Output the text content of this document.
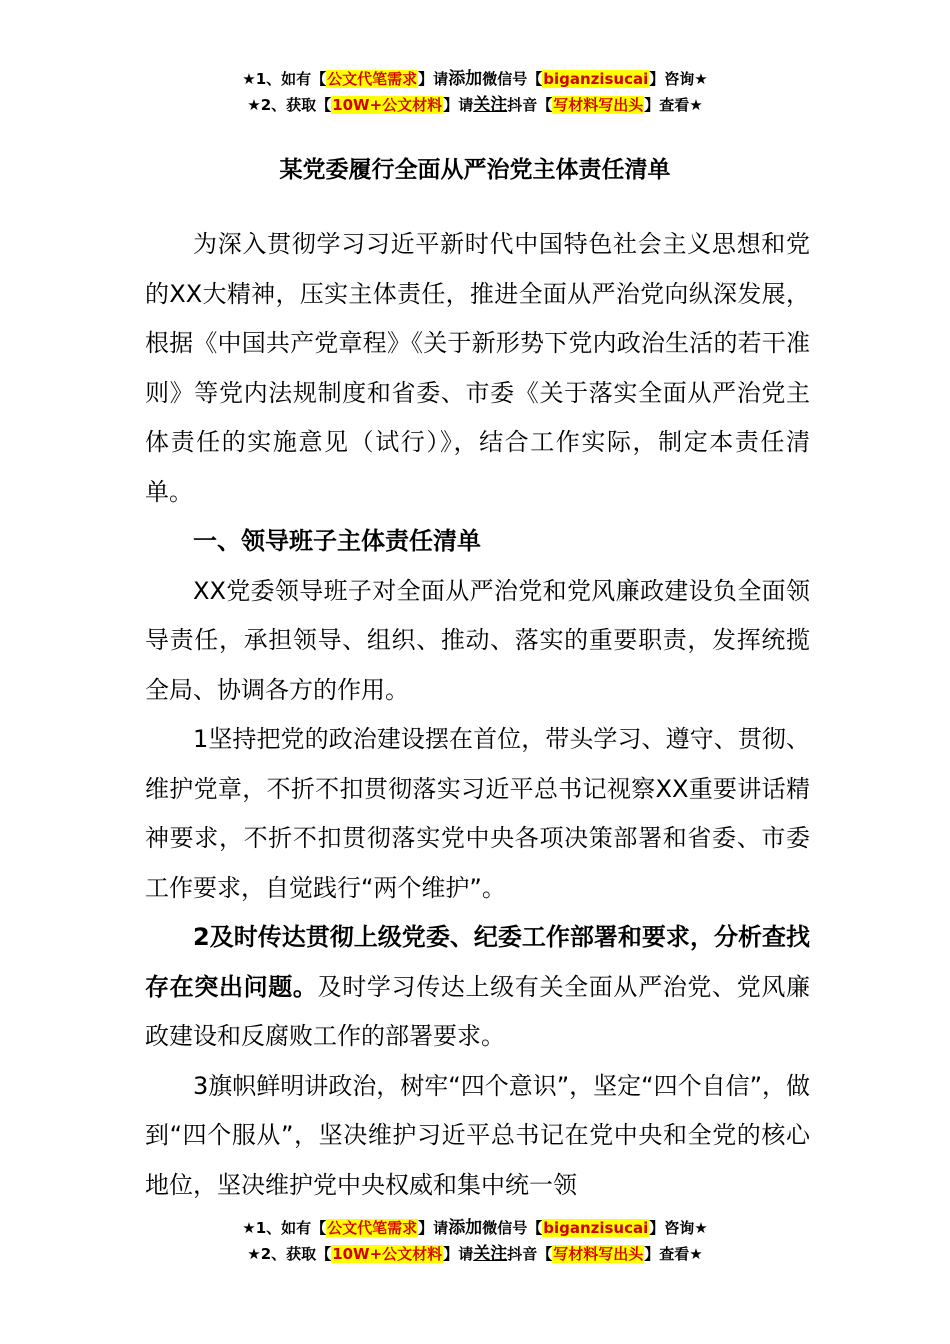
★1、如有【公文代笔需求】请添加微信号【biganzisucai】咨询★
★2、获取【10W+公文材料】请关注抖音【写材料写出头】查看★
某党委履行全面从严治党主体责任清单

为深入贯彻学习习近平新时代中国特色社会主义思想和党的XX大精神，压实主体责任，推进全面从严治党向纵深发展，根据《中国共产党章程》《关于新形势下党内政治生活的若干准则》等党内法规制度和省委、市委《关于落实全面从严治党主体责任的实施意见（试行）》，结合工作实际，制定本责任清单。

一、领导班子主体责任清单

XX党委领导班子对全面从严治党和党风廉政建设负全面领导责任，承担领导、组织、推动、落实的重要职责，发挥统揽全局、协调各方的作用。

1坚持把党的政治建设摆在首位，带头学习、遵守、贯彻、维护党章，不折不扣贯彻落实习近平总书记视察XX重要讲话精神要求，不折不扣贯彻落实党中央各项决策部署和省委、市委工作要求，自觉践行“两个维护”。

2及时传达贯彻上级党委、纪委工作部署和要求，分析查找存在突出问题。及时学习传达上级有关全面从严治党、党风廉政建设和反腐败工作的部署要求。

3旗帜鲜明讲政治，树牢“四个意识”，坚定“四个自信”，做到“四个服从”，坚决维护习近平总书记在党中央和全党的核心地位，坚决维护党中央权威和集中统一领

★1、如有【公文代笔需求】请添加微信号【biganzisucai】咨询★
★2、获取【10W+公文材料】请关注抖音【写材料写出头】查看★
